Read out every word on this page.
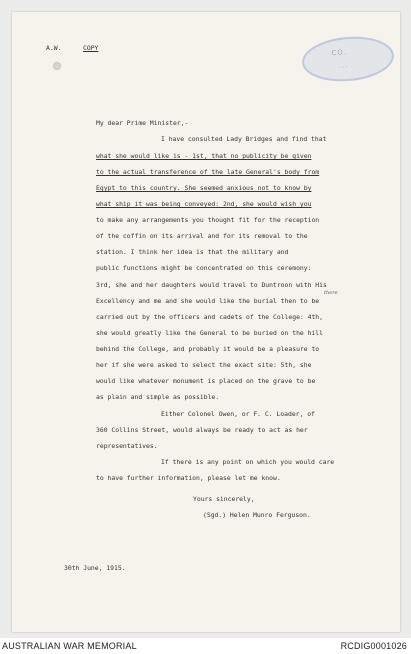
CO․
․․․

A.W.	COPY

My dear Prime Minister,-

I have consulted Lady Bridges and find that

what she would like is - 1st, that no publicity be given

to the actual transference of the late General's body from

Egypt to this country. She seemed anxious not to know by

what ship it was being conveyed: 2nd, she would wish you

to make any arrangements you thought fit for the reception

of the coffin on its arrival and for its removal to the

station. I think her idea is that the military and

public functions might be concentrated on this ceremony:

3rd, she and her daughters would travel to Duntroon with His

there

Excellency and me and she would like the burial then to be

carried out by the officers and cadets of the College: 4th,

she would greatly like the General to be buried on the hill

behind the College, and probably it would be a pleasure to

her if she were asked to select the exact site: 5th, she

would like whatever monument is placed on the grave to be

as plain and simple as possible.

Either Colonel Owen, or F. C. Loader, of

360 Collins Street, would always be ready to act as her

representatives.

If there is any point on which you would care

to have further information, please let me know.

Yours sincerely,

(Sgd.) Helen Munro Ferguson.

30th June, 1915.

AUSTRALIAN WAR MEMORIAL	RCDIG0001026
